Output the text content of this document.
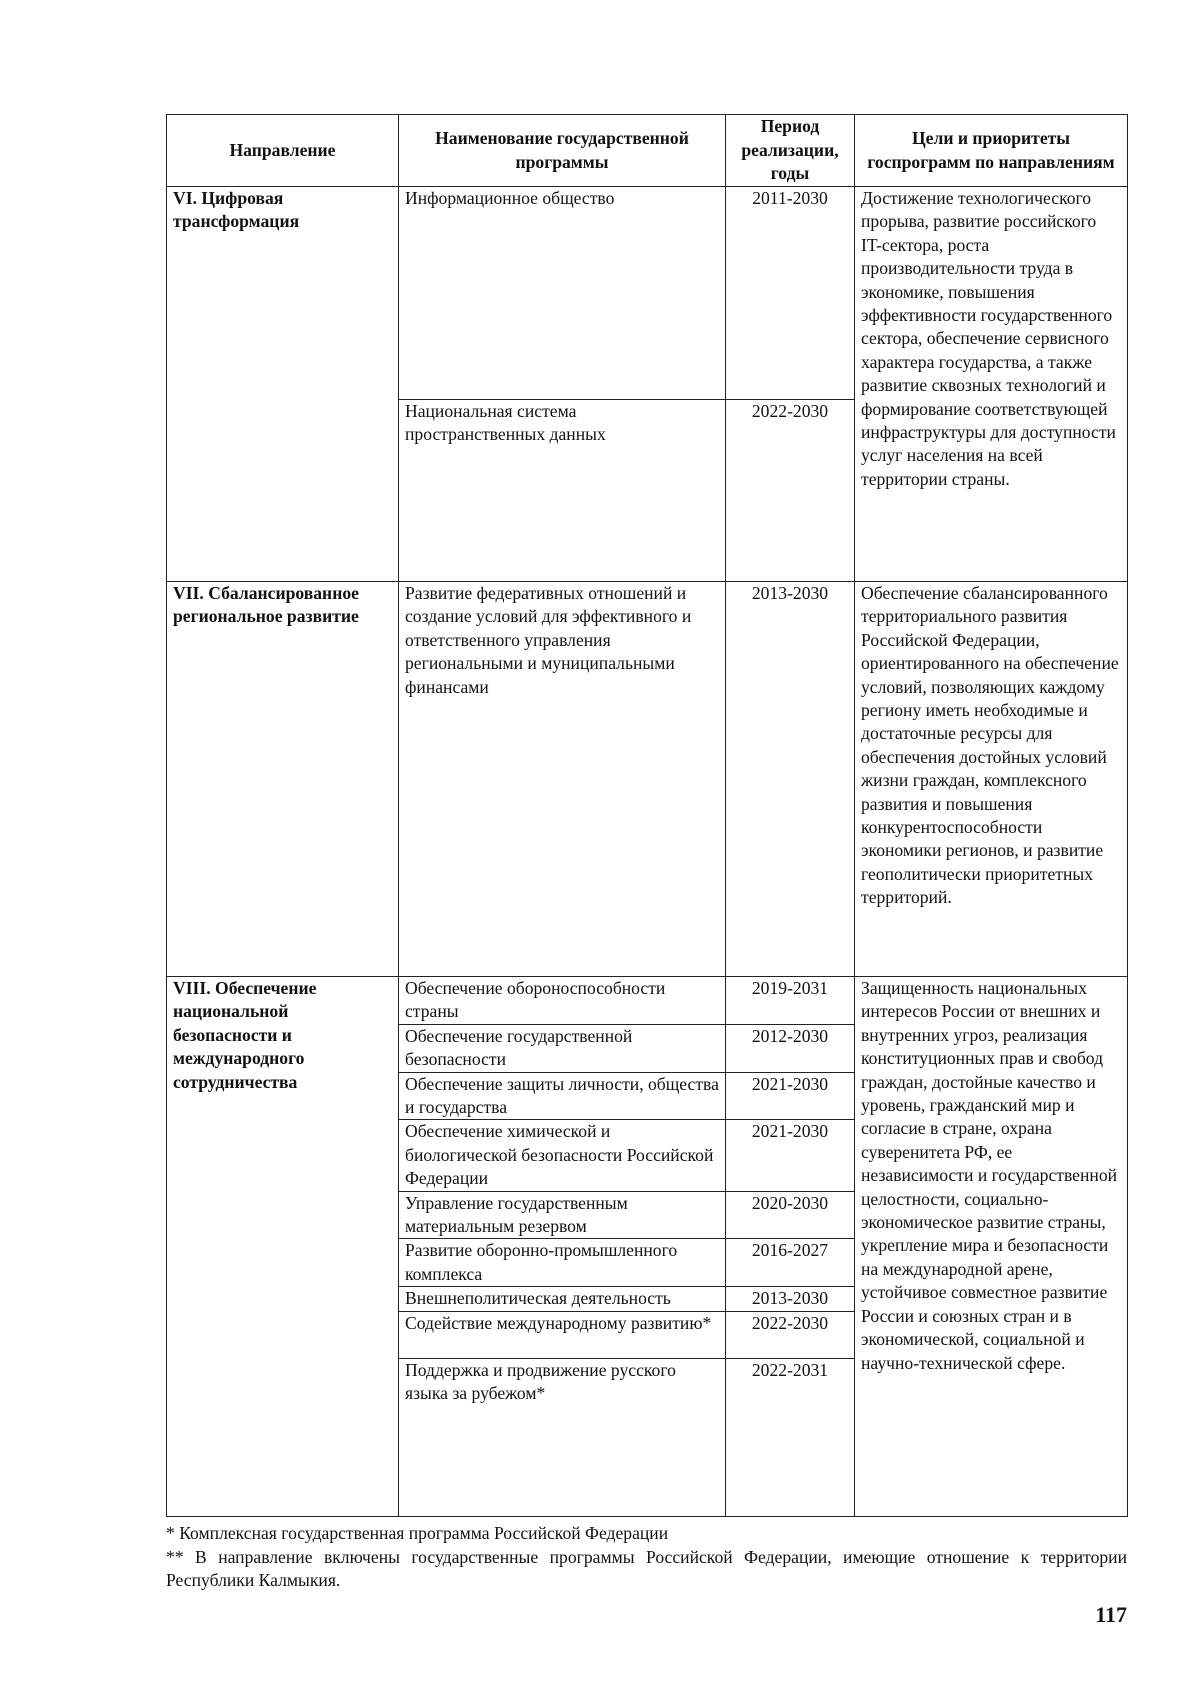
Направление	Наименование государственной программы	Период реализации, годы	Цели и приоритеты госпрограмм по направлениям
VI. Цифровая трансформация	Информационное общество	2011-2030	Достижение технологического прорыва, развитие российского IT-сектора, роста производительности труда в экономике, повышения эффективности государственного сектора, обеспечение сервисного характера государства, а также развитие сквозных технологий и формирование соответствующей инфраструктуры для доступности услуг населения на всей территории страны.
	Национальная система пространственных данных	2022-2030	
VII. Сбалансированное региональное развитие	Развитие федеративных отношений и создание условий для эффективного и ответственного управления региональными и муниципальными финансами	2013-2030	Обеспечение сбалансированного территориального развития Российской Федерации, ориентированного на обеспечение условий, позволяющих каждому региону иметь необходимые и достаточные ресурсы для обеспечения достойных условий жизни граждан, комплексного развития и повышения конкурентоспособности экономики регионов, и развитие геополитически приоритетных территорий.
VIII. Обеспечение национальной безопасности и международного сотрудничества	Обеспечение обороноспособности страны	2019-2031	Защищенность национальных интересов России от внешних и внутренних угроз, реализация конституционных прав и свобод граждан, достойные качество и уровень, гражданский мир и согласие в стране, охрана суверенитета РФ, ее независимости и государственной целостности, социально-экономическое развитие страны, укрепление мира и безопасности на международной арене, устойчивое совместное развитие России и союзных стран и в экономической, социальной и научно-технической сфере.
	Обеспечение государственной безопасности	2012-2030	
	Обеспечение защиты личности, общества и государства	2021-2030	
	Обеспечение химической и биологической безопасности Российской Федерации	2021-2030	
	Управление государственным материальным резервом	2020-2030	
	Развитие оборонно-промышленного комплекса	2016-2027	
	Внешнеполитическая деятельность	2013-2030	
	Содействие международному развитию*	2022-2030	
	Поддержка и продвижение русского языка за рубежом*	2022-2031	
* Комплексная государственная программа Российской Федерации
** В направление включены государственные программы Российской Федерации, имеющие отношение к территории Республики Калмыкия.
117
